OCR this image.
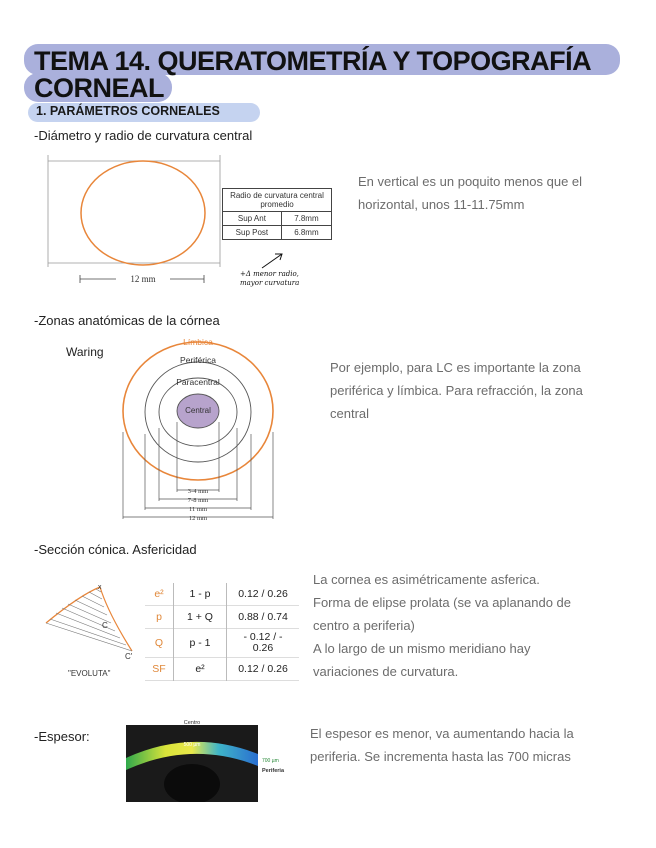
TEMA 14. QUERATOMETRÍA Y TOPOGRAFÍA
CORNEAL
1. PARÁMETROS CORNEALES
-Diámetro y radio de curvatura central
12 mm
Radio de curvatura central promedio	
Sup Ant	7.8mm
Sup Post	6.8mm
+Δ menor radio, mayor curvatura
En vertical es un poquito menos que el horizontal, unos 11-11.75mm
-Zonas anatómicas de la córnea
Waring
Límbica
Periférica
Paracentral
Central
3-4 mm
7-8 mm
11 mm
12 mm
Por ejemplo, para LC es importante la zona periférica y límbica. Para refracción, la zona central
-Sección cónica. Asfericidad
x
C
C'
"EVOLUTA"
e²	1 - p	0.12 / 0.26
p	1 + Q	0.88 / 0.74
Q	p - 1	- 0.12 / - 0.26
SF	e²	0.12 / 0.26
La cornea es asimétricamente asferica.
Forma de elipse prolata (se va aplanando de
centro a periferia)
A lo largo de un mismo meridiano hay
variaciones de curvatura.
-Espesor:
Centro
500 µm
700 µm
Periferia
El espesor es menor, va aumentando hacia la periferia. Se incrementa hasta las 700 micras
